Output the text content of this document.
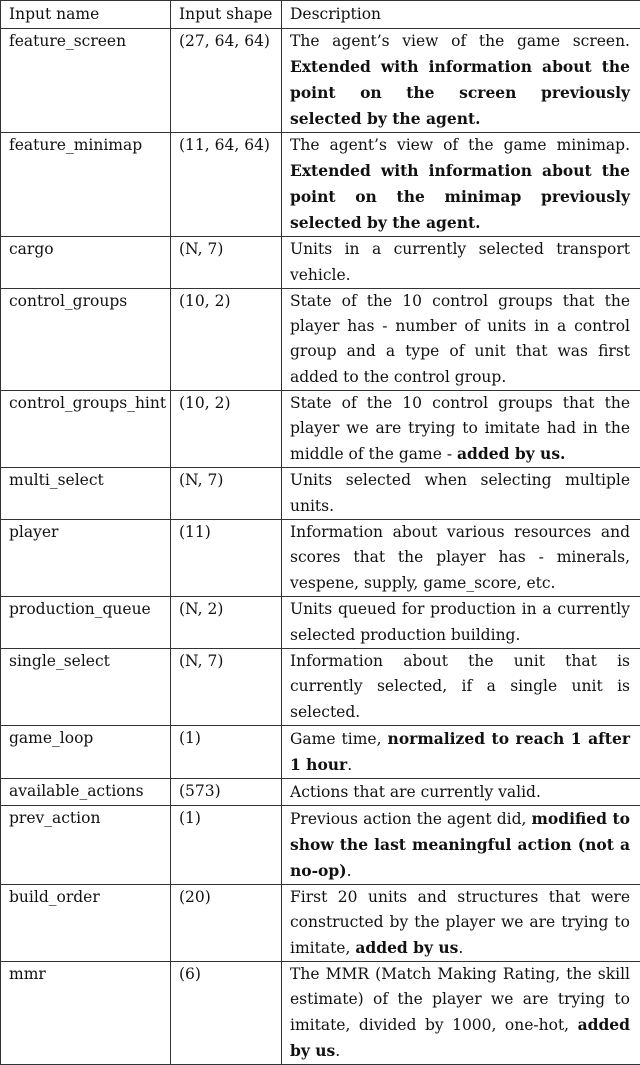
Input name	Input shape	Description
feature_screen	(27, 64, 64)	The agent’s view of the game screen. Extended with information about the point on the screen previously selected by the agent.
feature_minimap	(11, 64, 64)	The agent’s view of the game minimap. Extended with information about the point on the minimap previously selected by the agent.
cargo	(N, 7)	Units in a currently selected transport vehicle.
control_groups	(10, 2)	State of the 10 control groups that the player has - number of units in a control group and a type of unit that was first added to the control group.
control_groups_hint	(10, 2)	State of the 10 control groups that the player we are trying to imitate had in the middle of the game - added by us.
multi_select	(N, 7)	Units selected when selecting multiple units.
player	(11)	Information about various resources and scores that the player has - minerals, vespene, supply, game_score, etc.
production_queue	(N, 2)	Units queued for production in a currently selected production building.
single_select	(N, 7)	Information about the unit that is currently selected, if a single unit is selected.
game_loop	(1)	Game time, normalized to reach 1 after 1 hour.
available_actions	(573)	Actions that are currently valid.
prev_action	(1)	Previous action the agent did, modified to show the last meaningful action (not a no-op).
build_order	(20)	First 20 units and structures that were constructed by the player we are trying to imitate, added by us.
mmr	(6)	The MMR (Match Making Rating, the skill estimate) of the player we are trying to imitate, divided by 1000, one-hot, added by us.
